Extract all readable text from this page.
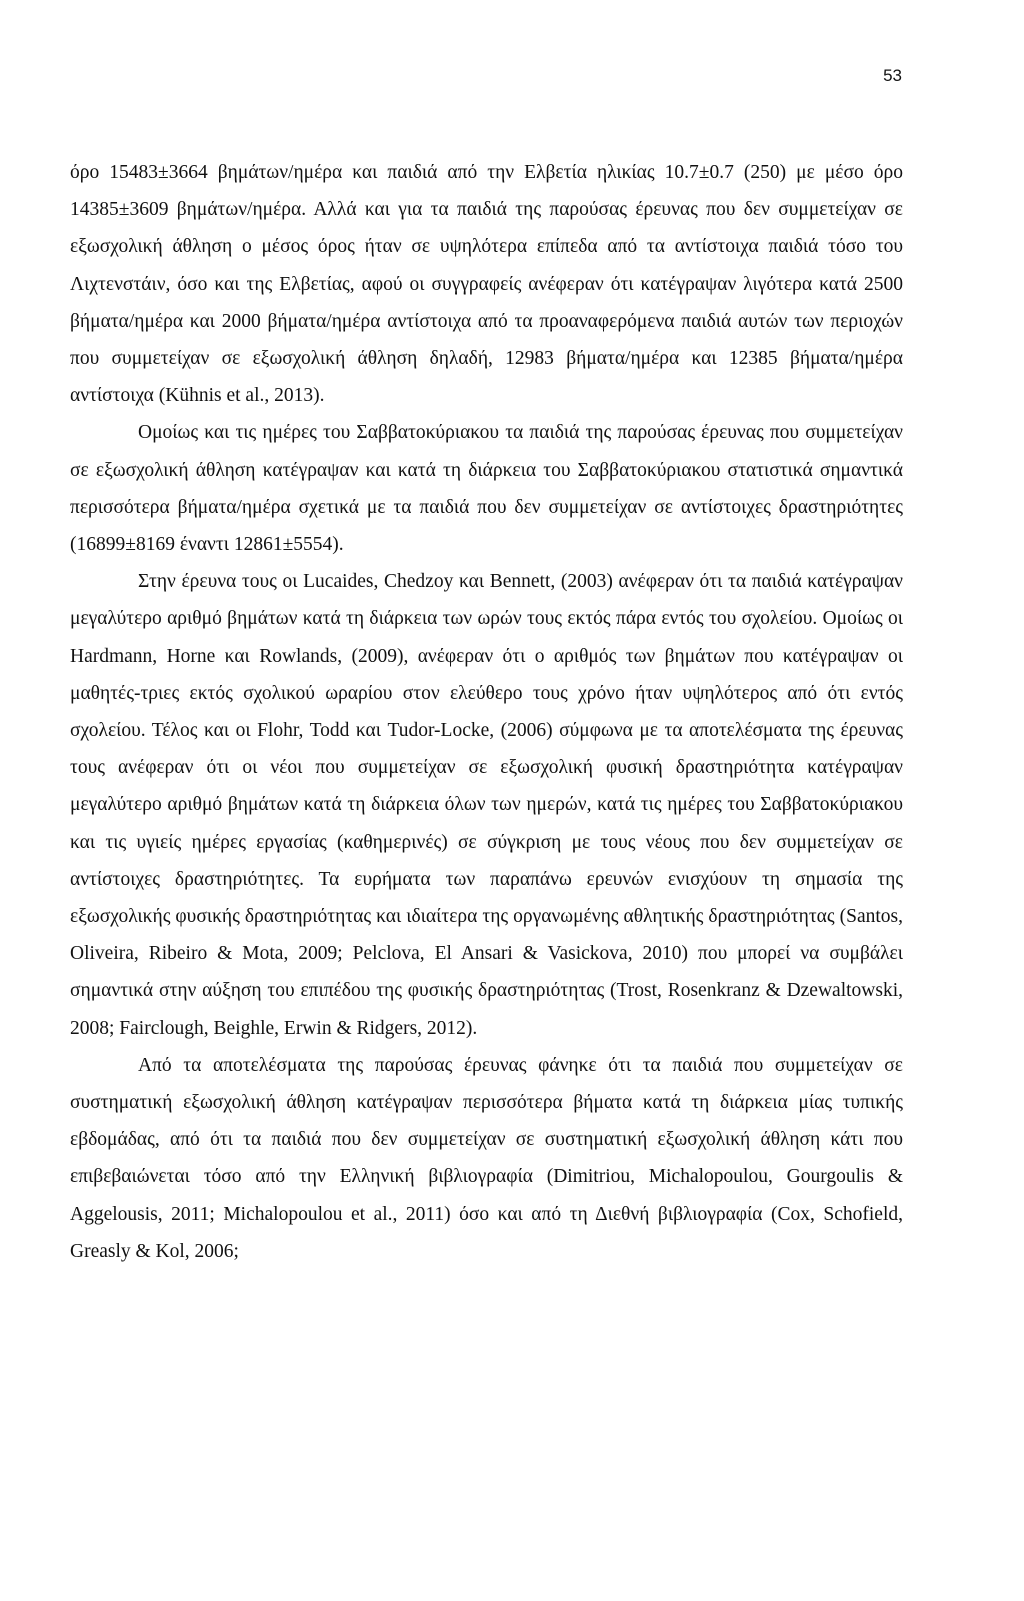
53

όρο 15483±3664 βημάτων/ημέρα και παιδιά από την Ελβετία ηλικίας 10.7±0.7 (250) με μέσο όρο 14385±3609 βημάτων/ημέρα. Αλλά και για τα παιδιά της παρούσας έρευνας που δεν συμμετείχαν σε εξωσχολική άθληση ο μέσος όρος ήταν σε υψηλότερα επίπεδα από τα αντίστοιχα παιδιά τόσο του Λιχτενστάιν, όσο και της Ελβετίας, αφού οι συγγραφείς ανέφεραν ότι κατέγραψαν λιγότερα κατά 2500 βήματα/ημέρα και 2000 βήματα/ημέρα αντίστοιχα από τα προαναφερόμενα παιδιά αυτών των περιοχών που συμμετείχαν σε εξωσχολική άθληση δηλαδή, 12983 βήματα/ημέρα και 12385 βήματα/ημέρα αντίστοιχα (Kühnis et al., 2013).

Ομοίως και τις ημέρες του Σαββατοκύριακου τα παιδιά της παρούσας έρευνας που συμμετείχαν σε εξωσχολική άθληση κατέγραψαν και κατά τη διάρκεια του Σαββατοκύριακου στατιστικά σημαντικά περισσότερα βήματα/ημέρα σχετικά με τα παιδιά που δεν συμμετείχαν σε αντίστοιχες δραστηριότητες (16899±8169 έναντι 12861±5554).

Στην έρευνα τους οι Lucaides, Chedzoy και Bennett, (2003) ανέφεραν ότι τα παιδιά κατέγραψαν μεγαλύτερο αριθμό βημάτων κατά τη διάρκεια των ωρών τους εκτός πάρα εντός του σχολείου. Ομοίως οι Hardmann, Horne και Rowlands, (2009), ανέφεραν ότι ο αριθμός των βημάτων που κατέγραψαν οι μαθητές-τριες εκτός σχολικού ωραρίου στον ελεύθερο τους χρόνο ήταν υψηλότερος από ότι εντός σχολείου. Τέλος και οι Flohr, Todd και Tudor-Locke, (2006) σύμφωνα με τα αποτελέσματα της έρευνας τους ανέφεραν ότι οι νέοι που συμμετείχαν σε εξωσχολική φυσική δραστηριότητα κατέγραψαν μεγαλύτερο αριθμό βημάτων κατά τη διάρκεια όλων των ημερών, κατά τις ημέρες του Σαββατοκύριακου και τις υγιείς ημέρες εργασίας (καθημερινές) σε σύγκριση με τους νέους που δεν συμμετείχαν σε αντίστοιχες δραστηριότητες. Τα ευρήματα των παραπάνω ερευνών ενισχύουν τη σημασία της εξωσχολικής φυσικής δραστηριότητας και ιδιαίτερα της οργανωμένης αθλητικής δραστηριότητας (Santos, Oliveira, Ribeiro & Mota, 2009; Pelclova, El Ansari & Vasickova, 2010) που μπορεί να συμβάλει σημαντικά στην αύξηση του επιπέδου της φυσικής δραστηριότητας (Trost, Rosenkranz & Dzewaltowski, 2008; Fairclough, Beighle, Erwin & Ridgers, 2012).

Από τα αποτελέσματα της παρούσας έρευνας φάνηκε ότι τα παιδιά που συμμετείχαν σε συστηματική εξωσχολική άθληση κατέγραψαν περισσότερα βήματα κατά τη διάρκεια μίας τυπικής εβδομάδας, από ότι τα παιδιά που δεν συμμετείχαν σε συστηματική εξωσχολική άθληση κάτι που επιβεβαιώνεται τόσο από την Ελληνική βιβλιογραφία (Dimitriou, Michalopoulou, Gourgoulis & Aggelousis, 2011; Michalopoulou et al., 2011) όσο και από τη Διεθνή βιβλιογραφία (Cox, Schofield, Greasly & Kol, 2006;
